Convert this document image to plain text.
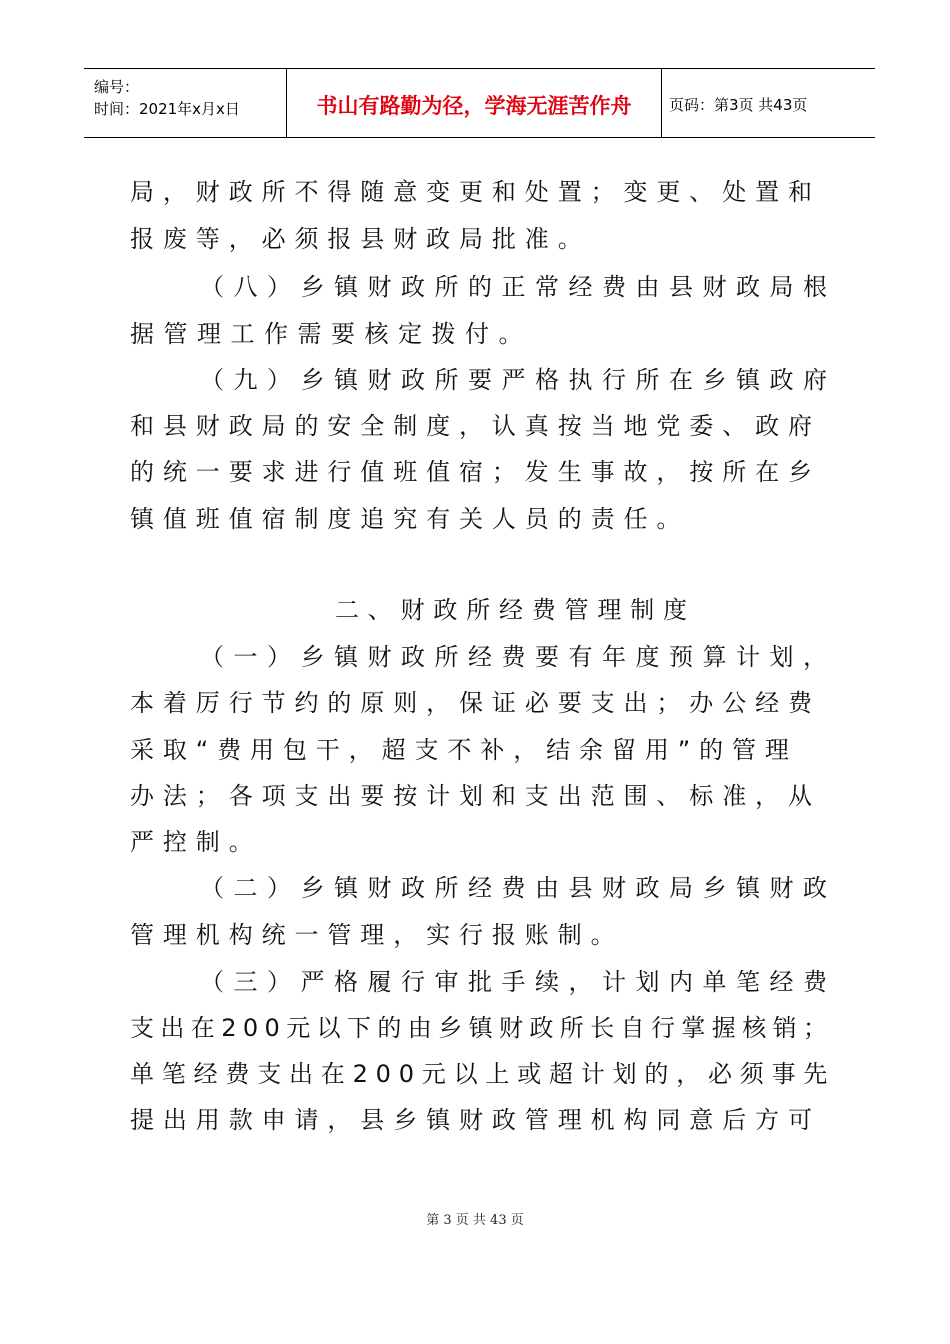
编号：
时间：2021年x月x日	书山有路勤为径，学海无涯苦作舟	页码：第3页 共43页
局，财政所不得随意变更和处置；变更、处置和
报废等，必须报县财政局批准。
（八）乡镇财政所的正常经费由县财政局根
据管理工作需要核定拨付。
（九）乡镇财政所要严格执行所在乡镇政府
和县财政局的安全制度，认真按当地党委、政府
的统一要求进行值班值宿；发生事故，按所在乡
镇值班值宿制度追究有关人员的责任。
二、财政所经费管理制度
（一）乡镇财政所经费要有年度预算计划，
本着厉行节约的原则，保证必要支出；办公经费
采取“费用包干，超支不补，结余留用”的管理
办法；各项支出要按计划和支出范围、标准，从
严控制。
（二）乡镇财政所经费由县财政局乡镇财政
管理机构统一管理，实行报账制。
（三）严格履行审批手续，计划内单笔经费
支出在200元以下的由乡镇财政所长自行掌握核销；
单笔经费支出在200元以上或超计划的，必须事先
提出用款申请，县乡镇财政管理机构同意后方可
第 3 页 共 43 页
